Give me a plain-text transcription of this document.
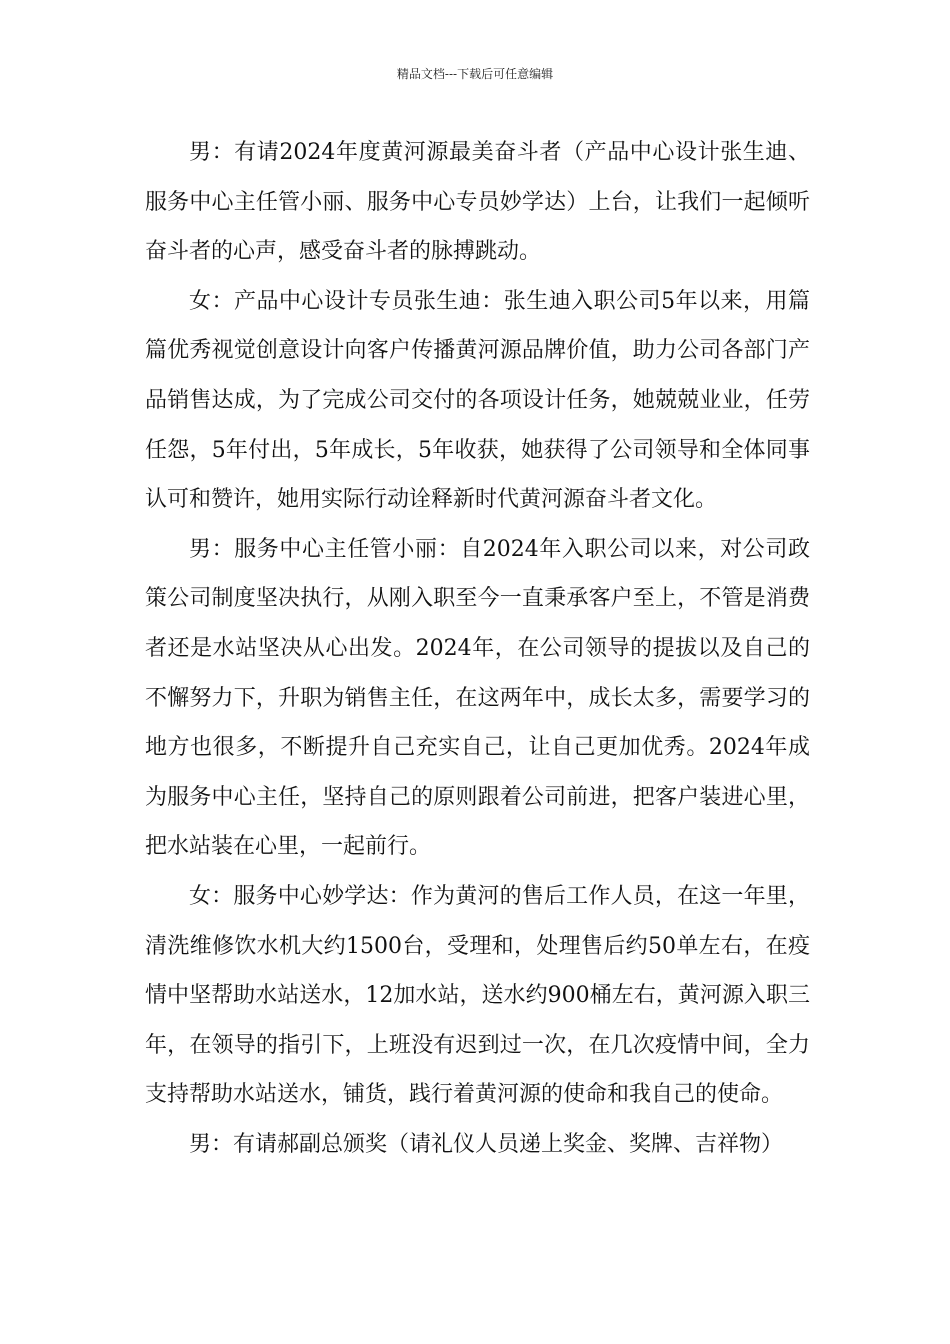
精品文档---下载后可任意编辑

男：有请2024年度黄河源最美奋斗者（产品中心设计张生迪、服务中心主任管小丽、服务中心专员妙学达）上台，让我们一起倾听奋斗者的心声，感受奋斗者的脉搏跳动。

女：产品中心设计专员张生迪：张生迪入职公司5年以来，用篇篇优秀视觉创意设计向客户传播黄河源品牌价值，助力公司各部门产品销售达成，为了完成公司交付的各项设计任务，她兢兢业业，任劳任怨，5年付出，5年成长，5年收获，她获得了公司领导和全体同事认可和赞许，她用实际行动诠释新时代黄河源奋斗者文化。

男：服务中心主任管小丽：自2024年入职公司以来，对公司政策公司制度坚决执行，从刚入职至今一直秉承客户至上，不管是消费者还是水站坚决从心出发。2024年，在公司领导的提拔以及自己的不懈努力下，升职为销售主任，在这两年中，成长太多，需要学习的地方也很多，不断提升自己充实自己，让自己更加优秀。2024年成为服务中心主任，坚持自己的原则跟着公司前进，把客户装进心里，把水站装在心里，一起前行。

女：服务中心妙学达：作为黄河的售后工作人员，在这一年里，清洗维修饮水机大约1500台，受理和，处理售后约50单左右，在疫情中坚帮助水站送水，12加水站，送水约900桶左右，黄河源入职三年，在领导的指引下，上班没有迟到过一次，在几次疫情中间，全力支持帮助水站送水，铺货，践行着黄河源的使命和我自己的使命。

男：有请郝副总颁奖（请礼仪人员递上奖金、奖牌、吉祥物）
